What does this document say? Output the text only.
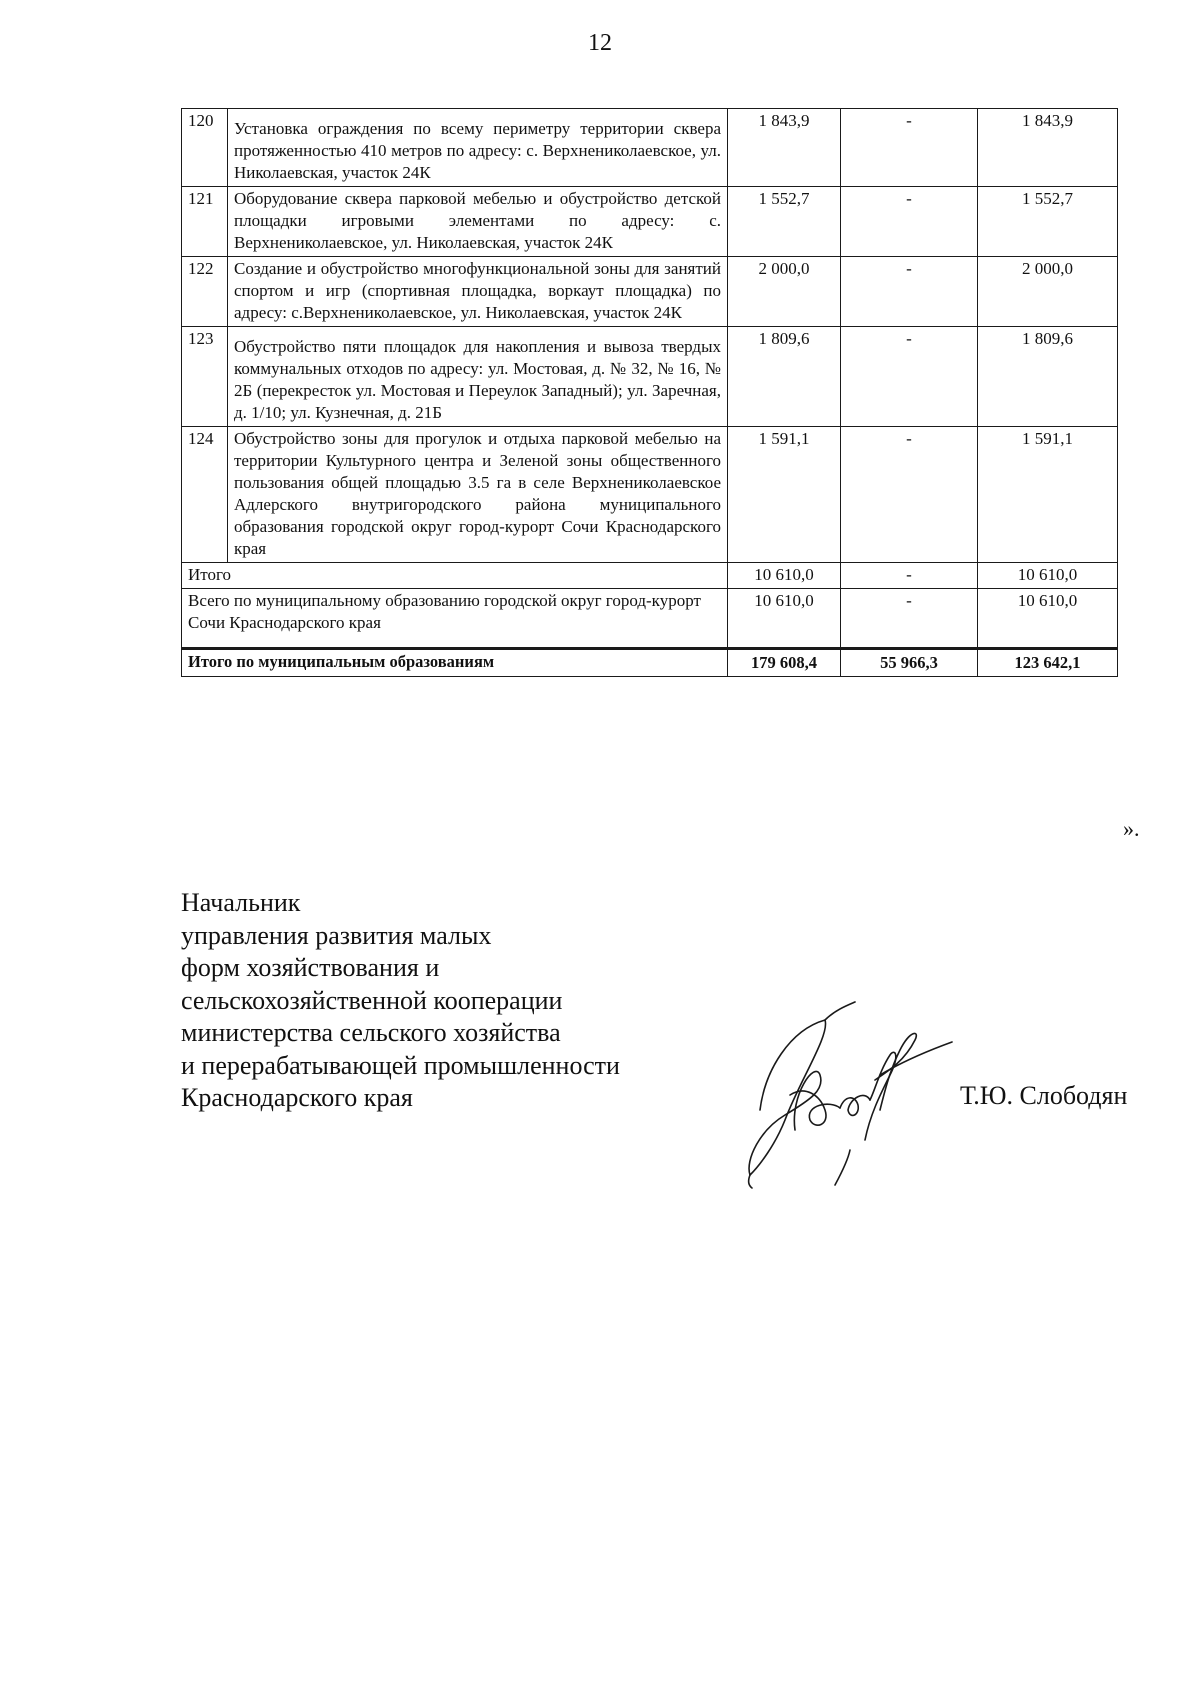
12
120	Установка ограждения по всему периметру территории сквера протяженностью 410 метров по адресу: с. Верхнениколаевское, ул. Николаевская, участок 24К	1 843,9	-	1 843,9
121	Оборудование сквера парковой мебелью и обустройство детской площадки игровыми элементами по адресу: с. Верхнениколаевское, ул. Николаевская, участок 24К	1 552,7	-	1 552,7
122	Создание и обустройство многофункциональной зоны для занятий спортом и игр (спортивная площадка, воркаут площадка) по адресу: с.Верхнениколаевское, ул. Николаевская, участок 24К	2 000,0	-	2 000,0
123	Обустройство пяти площадок для накопления и вывоза твердых коммунальных отходов по адресу: ул. Мостовая, д. № 32, № 16, № 2Б (перекресток ул. Мостовая и Переулок Западный); ул. Заречная, д. 1/10; ул. Кузнечная, д. 21Б	1 809,6	-	1 809,6
124	Обустройство зоны для прогулок и отдыха парковой мебелью на территории Культурного центра и Зеленой зоны общественного пользования общей площадью 3.5 га в селе Верхнениколаевское Адлерского внутригородского района муниципального образования городской округ город-курорт Сочи Краснодарского края	1 591,1	-	1 591,1
Итого		10 610,0	-	10 610,0
Всего по муниципальному образованию городской округ город-курорт Сочи Краснодарского края		10 610,0	-	10 610,0
Итого по муниципальным образованиям		179 608,4	55 966,3	123 642,1
».
Начальник
управления развития малых
форм хозяйствования и
сельскохозяйственной кооперации
министерства сельского хозяйства
и перерабатывающей промышленности
Краснодарского края	Т.Ю. Слободян
